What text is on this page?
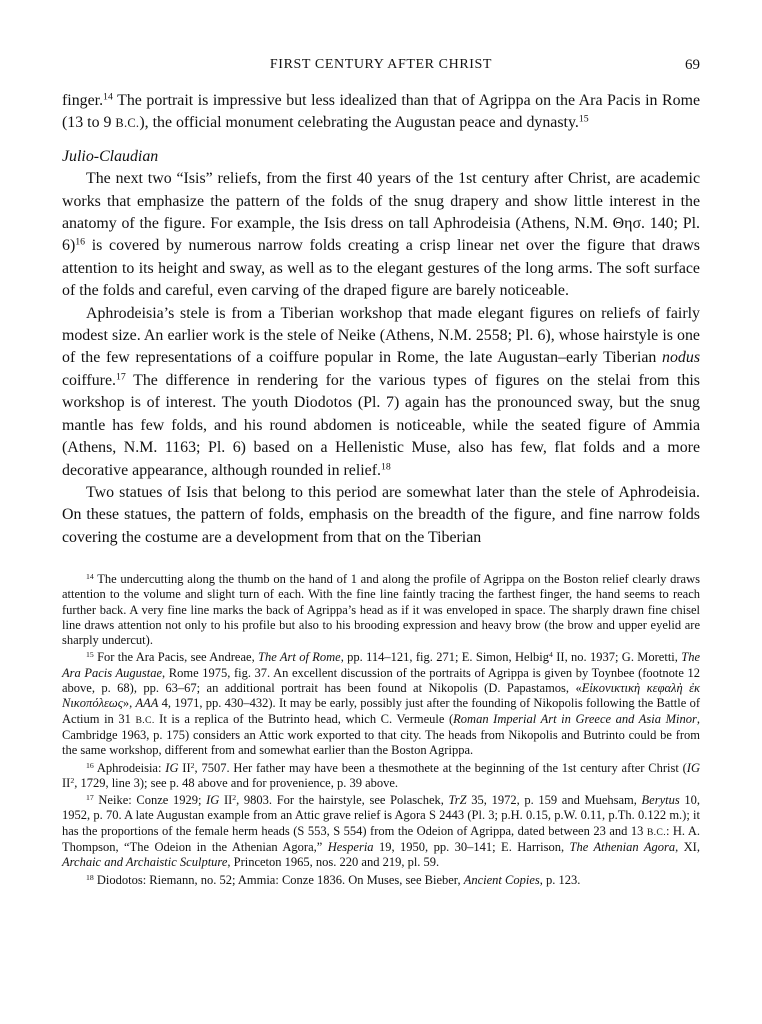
FIRST CENTURY AFTER CHRIST	69

finger.$^{14}$ The portrait is impressive but less idealized than that of Agrippa on the Ara Pacis in Rome (13 to 9 B.C.), the official monument celebrating the Augustan peace and dynasty.$^{15}$

Julio-Claudian

The next two “Isis” reliefs, from the first 40 years of the 1st century after Christ, are academic works that emphasize the pattern of the folds of the snug drapery and show little interest in the anatomy of the figure. For example, the Isis dress on tall Aphrodeisia (Athens, N.M. Θησ. 140; Pl. 6)$^{16}$ is covered by numerous narrow folds creating a crisp linear net over the figure that draws attention to its height and sway, as well as to the elegant gestures of the long arms. The soft surface of the folds and careful, even carving of the draped figure are barely noticeable.

Aphrodeisia’s stele is from a Tiberian workshop that made elegant figures on reliefs of fairly modest size. An earlier work is the stele of Neike (Athens, N.M. 2558; Pl. 6), whose hairstyle is one of the few representations of a coiffure popular in Rome, the late Augustan–early Tiberian nodus coiffure.$^{17}$ The difference in rendering for the various types of figures on the stelai from this workshop is of interest. The youth Diodotos (Pl. 7) again has the pronounced sway, but the snug mantle has few folds, and his round abdomen is noticeable, while the seated figure of Ammia (Athens, N.M. 1163; Pl. 6) based on a Hellenistic Muse, also has few, flat folds and a more decorative appearance, although rounded in relief.$^{18}$

Two statues of Isis that belong to this period are somewhat later than the stele of Aphrodeisia. On these statues, the pattern of folds, emphasis on the breadth of the figure, and fine narrow folds covering the costume are a development from that on the Tiberian

$^{14}$ The undercutting along the thumb on the hand of 1 and along the profile of Agrippa on the Boston relief clearly draws attention to the volume and slight turn of each. With the fine line faintly tracing the farthest finger, the hand seems to reach further back. A very fine line marks the back of Agrippa’s head as if it was enveloped in space. The sharply drawn fine chisel line draws attention not only to his profile but also to his brooding expression and heavy brow (the brow and upper eyelid are sharply undercut).

$^{15}$ For the Ara Pacis, see Andreae, The Art of Rome, pp. 114–121, fig. 271; E. Simon, Helbig$^4$ II, no. 1937; G. Moretti, The Ara Pacis Augustae, Rome 1975, fig. 37. An excellent discussion of the portraits of Agrippa is given by Toynbee (footnote 12 above, p. 68), pp. 63–67; an additional portrait has been found at Nikopolis (D. Papastamos, «Εἰκονικτικὴ κεφαλὴ ἐκ Νικοπόλεως», AAA 4, 1971, pp. 430–432). It may be early, possibly just after the founding of Nikopolis following the Battle of Actium in 31 B.C. It is a replica of the Butrinto head, which C. Vermeule (Roman Imperial Art in Greece and Asia Minor, Cambridge 1963, p. 175) considers an Attic work exported to that city. The heads from Nikopolis and Butrinto could be from the same workshop, different from and somewhat earlier than the Boston Agrippa.

$^{16}$ Aphrodeisia: IG $II^2$, 7507. Her father may have been a thesmothete at the beginning of the 1st century after Christ (IG $II^2$, 1729, line 3); see p. 48 above and for provenience, p. 39 above.

$^{17}$ Neike: Conze 1929; IG $II^2$, 9803. For the hairstyle, see Polaschek, TrZ 35, 1972, p. 159 and Muehsam, Berytus 10, 1952, p. 70. A late Augustan example from an Attic grave relief is Agora S 2443 (Pl. 3; p.H. 0.15, p.W. 0.11, p.Th. 0.122 m.); it has the proportions of the female herm heads (S 553, S 554) from the Odeion of Agrippa, dated between 23 and 13 B.C.: H. A. Thompson, “The Odeion in the Athenian Agora,” Hesperia 19, 1950, pp. 30–141; E. Harrison, The Athenian Agora, XI, Archaic and Archaistic Sculpture, Princeton 1965, nos. 220 and 219, pl. 59.

$^{18}$ Diodotos: Riemann, no. 52; Ammia: Conze 1836. On Muses, see Bieber, Ancient Copies, p. 123.
